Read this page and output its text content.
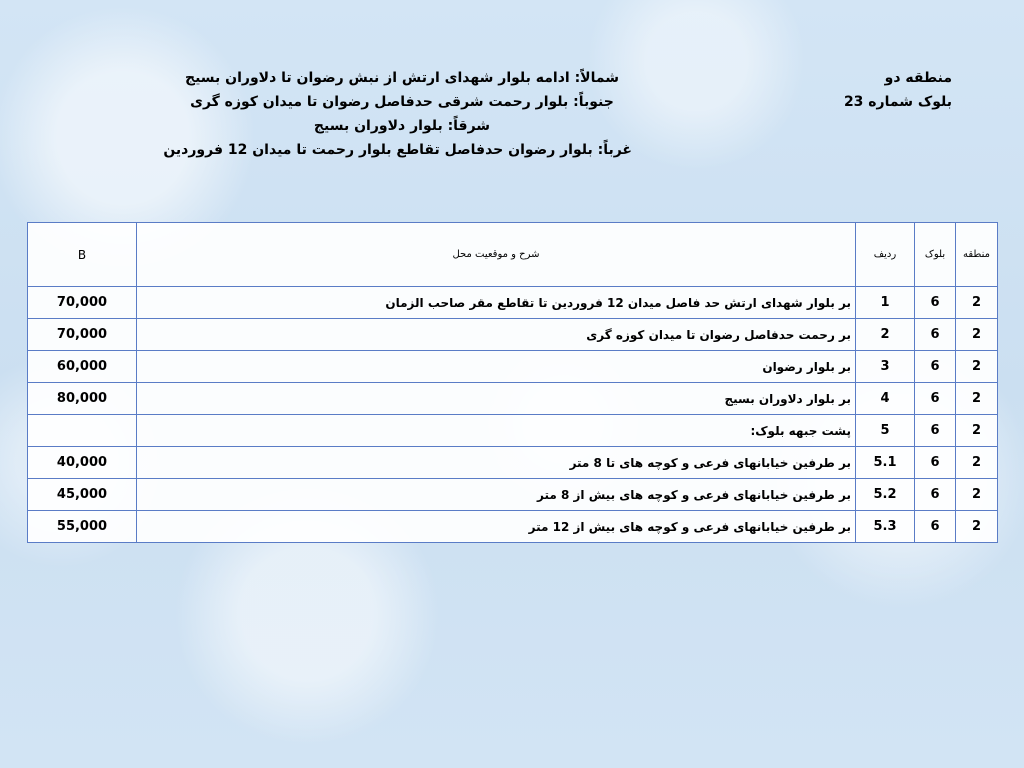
منطقه دو
بلوک شماره 23
شمالاً: ادامه بلوار شهدای ارتش از نبش رضوان تا دلاوران بسیج
جنوباً: بلوار رحمت شرقی حدفاصل رضوان تا میدان کوزه گری
شرقاً: بلوار دلاوران بسیج
غرباً: بلوار رضوان حدفاصل تقاطع بلوار رحمت تا میدان 12 فروردین
منطقه	بلوک	ردیف	شرح و موقعیت محل	B
2	6	1	بر بلوار شهدای ارتش حد فاصل میدان 12 فروردین تا تقاطع مقر صاحب الزمان	70,000
2	6	2	بر رحمت حدفاصل رضوان تا میدان کوزه گری	70,000
2	6	3	بر بلوار رضوان	60,000
2	6	4	بر بلوار دلاوران بسیج	80,000
2	6	5	پشت جبهه بلوک:	
2	6	5.1	بر طرفین خیابانهای فرعی و کوچه های تا 8 متر	40,000
2	6	5.2	بر طرفین خیابانهای فرعی و کوچه های بیش از 8 متر	45,000
2	6	5.3	بر طرفین خیابانهای فرعی و کوچه های بیش از 12 متر	55,000
